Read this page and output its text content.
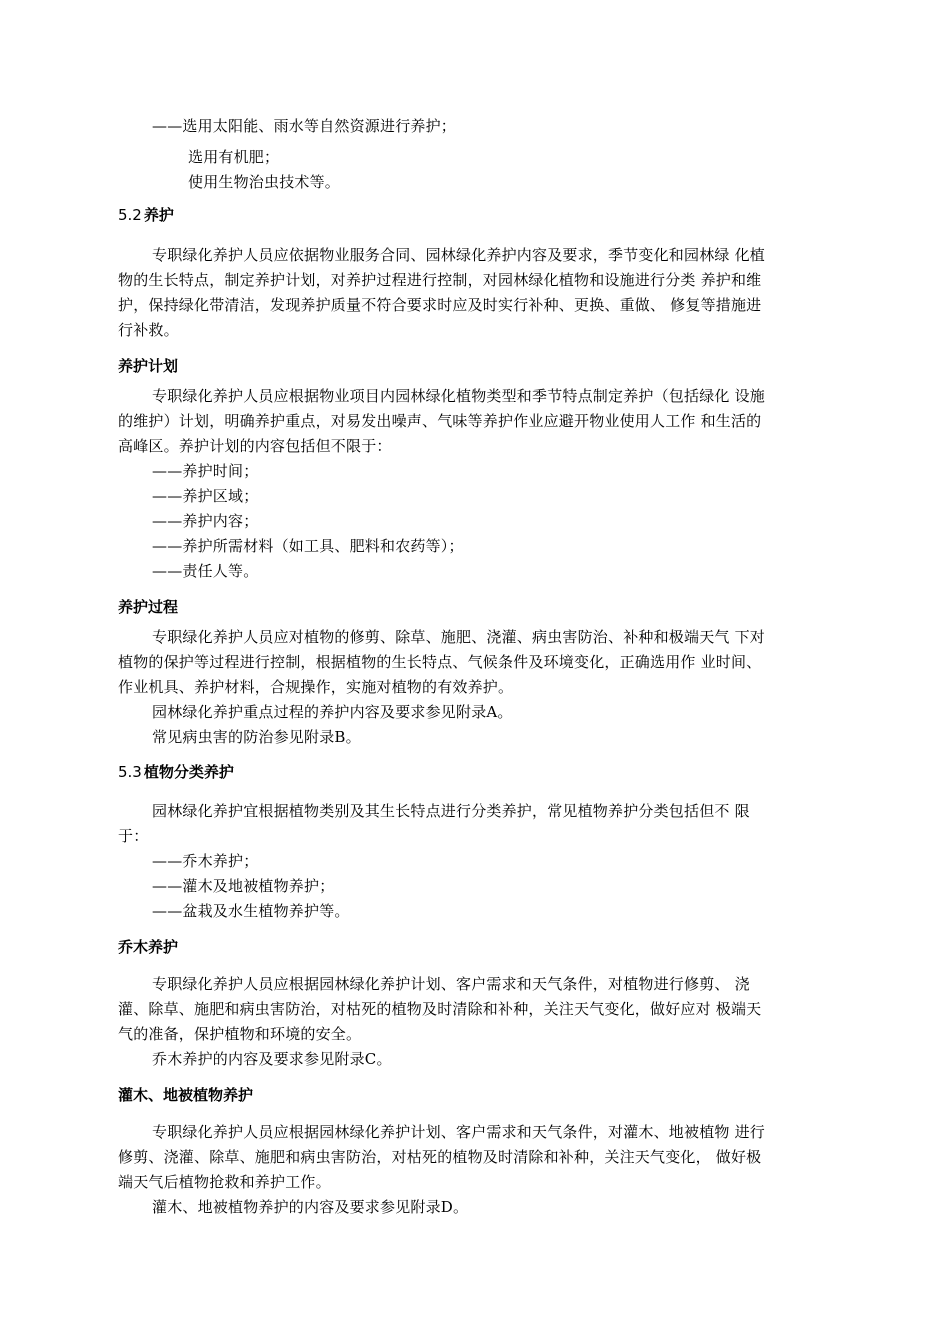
——选用太阳能、雨水等自然资源进行养护；
选用有机肥；
使用生物治虫技术等。
5.2 养护
专职绿化养护人员应依据物业服务合同、园林绿化养护内容及要求，季节变化和园林绿 化植
物的生长特点，制定养护计划，对养护过程进行控制，对园林绿化植物和设施进行分类 养护和维
护，保持绿化带清洁，发现养护质量不符合要求时应及时实行补种、更换、重做、 修复等措施进
行补救。
养护计划
专职绿化养护人员应根据物业项目内园林绿化植物类型和季节特点制定养护（包括绿化 设施
的维护）计划，明确养护重点，对易发出噪声、气味等养护作业应避开物业使用人工作 和生活的
高峰区。养护计划的内容包括但不限于：
——养护时间；
——养护区域；
——养护内容；
——养护所需材料（如工具、肥料和农药等）；
——责任人等。
养护过程
专职绿化养护人员应对植物的修剪、除草、施肥、浇灌、病虫害防治、补种和极端天气 下对
植物的保护等过程进行控制，根据植物的生长特点、气候条件及环境变化，正确选用作 业时间、
作业机具、养护材料，合规操作，实施对植物的有效养护。
园林绿化养护重点过程的养护内容及要求参见附录A。
常见病虫害的防治参见附录B。
5.3 植物分类养护
园林绿化养护宜根据植物类别及其生长特点进行分类养护，常见植物养护分类包括但不 限
于：
——乔木养护；
——灌木及地被植物养护；
——盆栽及水生植物养护等。
乔木养护
专职绿化养护人员应根据园林绿化养护计划、客户需求和天气条件，对植物进行修剪、 浇
灌、除草、施肥和病虫害防治，对枯死的植物及时清除和补种，关注天气变化，做好应对 极端天
气的准备，保护植物和环境的安全。
乔木养护的内容及要求参见附录C。
灌木、地被植物养护
专职绿化养护人员应根据园林绿化养护计划、客户需求和天气条件，对灌木、地被植物 进行
修剪、浇灌、除草、施肥和病虫害防治，对枯死的植物及时清除和补种，关注天气变化， 做好极
端天气后植物抢救和养护工作。
灌木、地被植物养护的内容及要求参见附录D。
